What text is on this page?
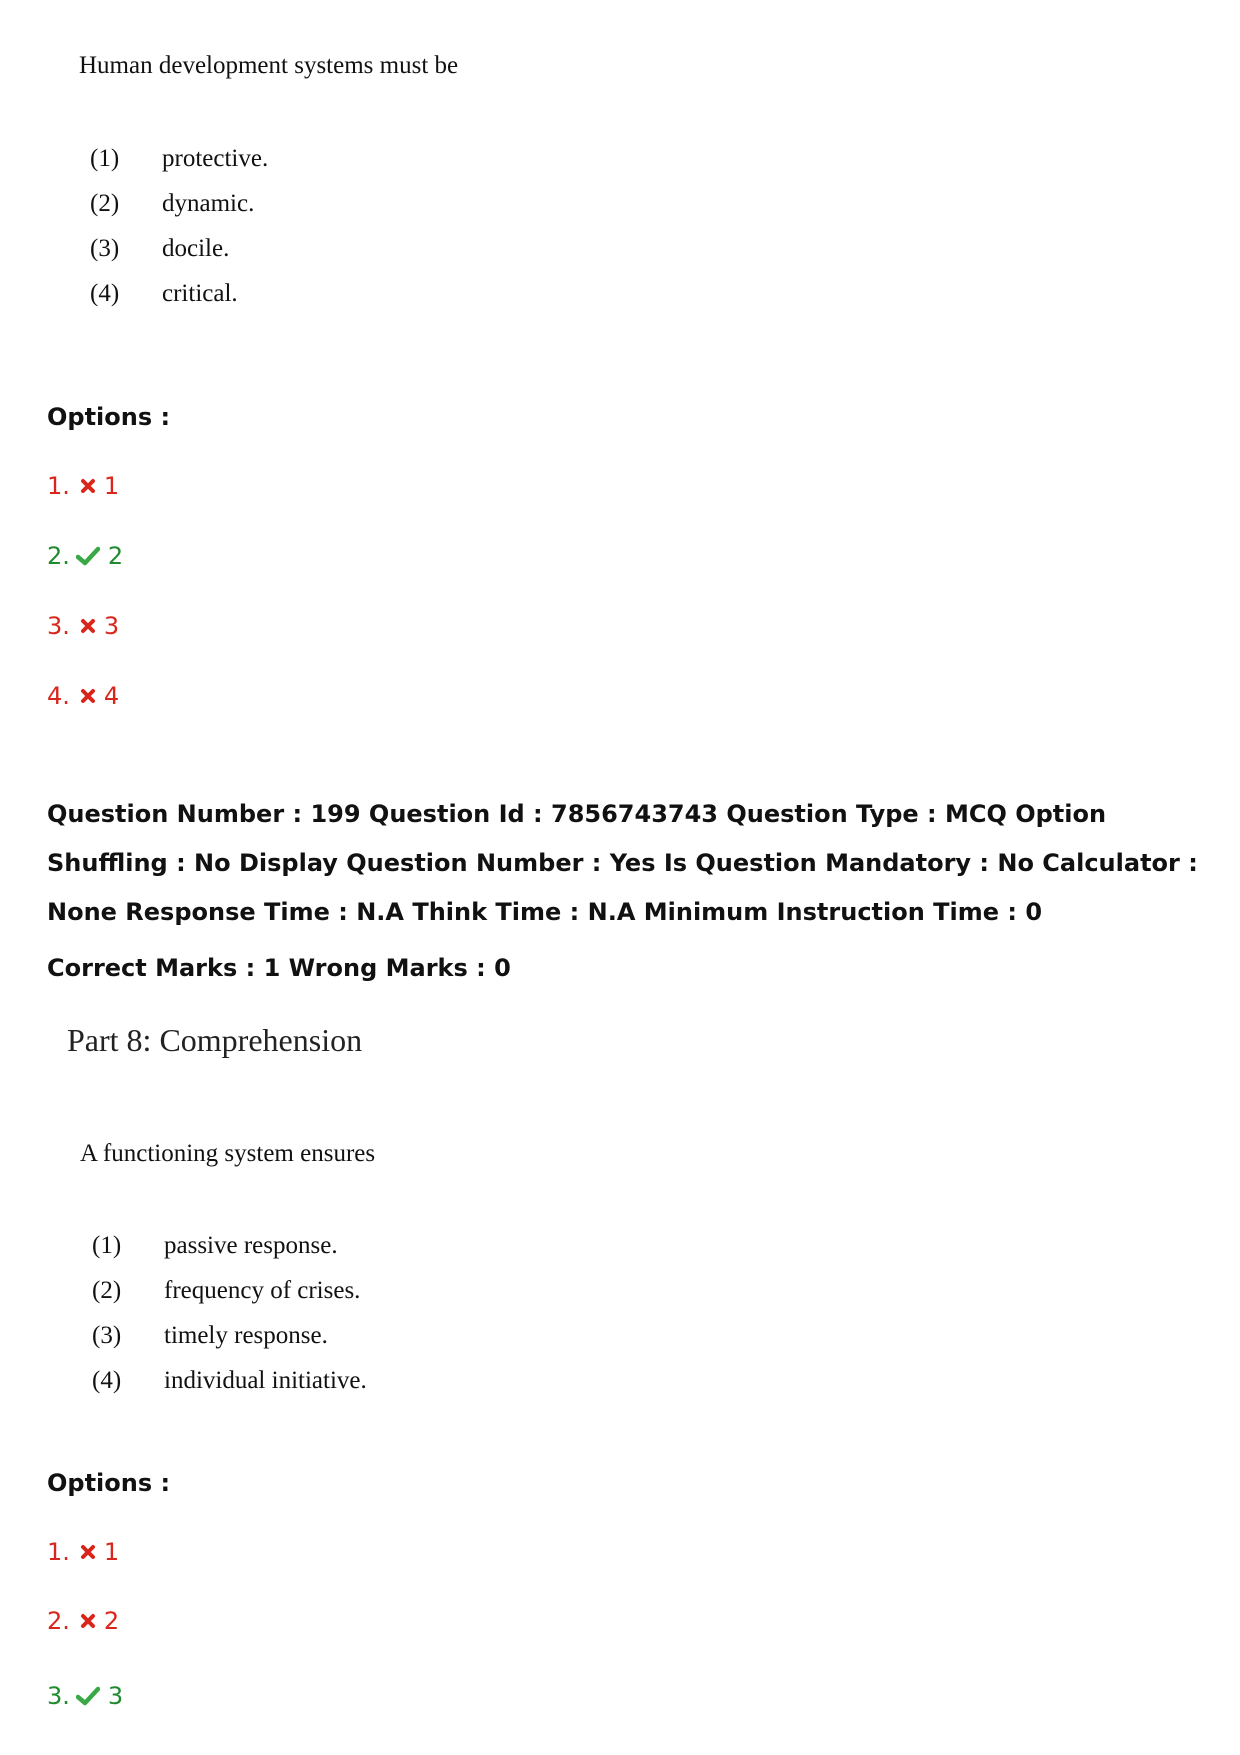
Human development systems must be
(1) protective.
(2) dynamic.
(3) docile.
(4) critical.
Options :
1. 1
2. 2
3. 3
4. 4
Question Number : 199 Question Id : 7856743743 Question Type : MCQ Option Shuffling : No Display Question Number : Yes Is Question Mandatory : No Calculator : None Response Time : N.A Think Time : N.A Minimum Instruction Time : 0
Correct Marks : 1 Wrong Marks : 0
Part 8: Comprehension
A functioning system ensures
(1) passive response.
(2) frequency of crises.
(3) timely response.
(4) individual initiative.
Options :
1. 1
2. 2
3. 3
